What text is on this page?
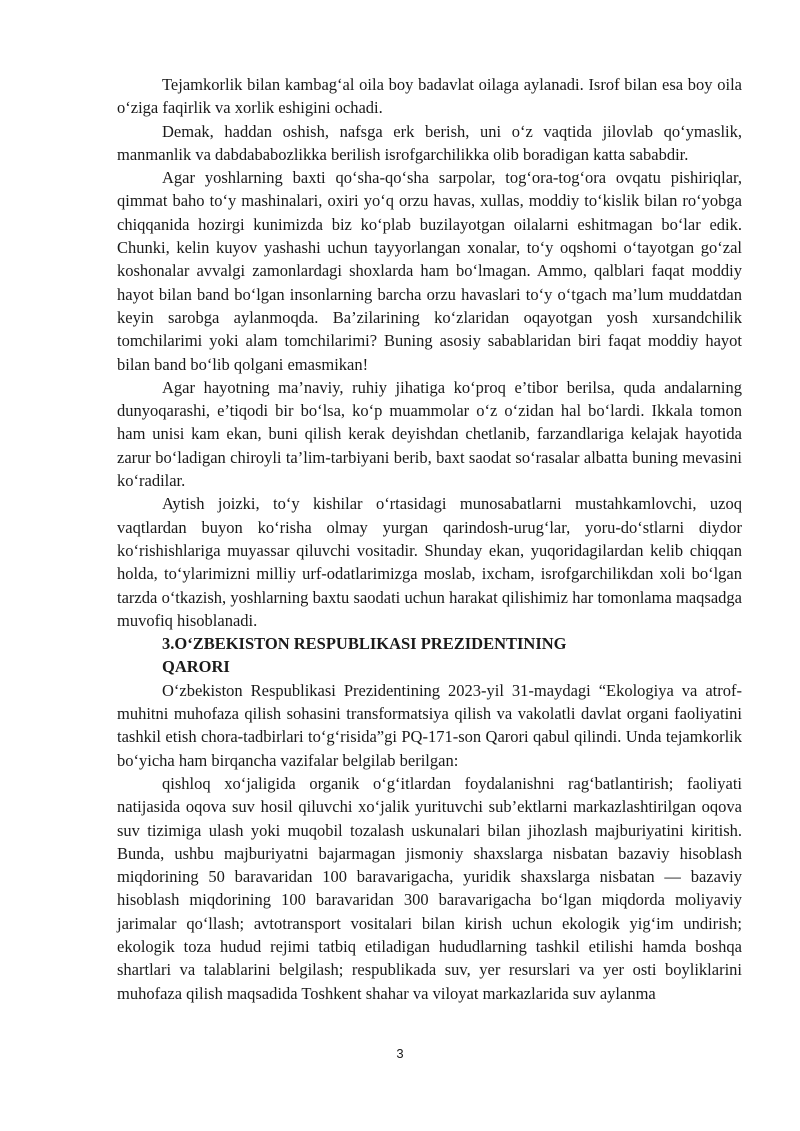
Tejamkorlik bilan kambag‘al oila boy badavlat oilaga aylanadi. Isrof bilan esa boy oila o‘ziga faqirlik va xorlik eshigini ochadi.

Demak, haddan oshish, nafsga erk berish, uni o‘z vaqtida jilovlab qo‘ymaslik, manmanlik va dabdababozlikka berilish isrofgarchilikka olib boradigan katta sababdir.

Agar yoshlarning baxti qo‘sha-qo‘sha sarpolar, tog‘ora-tog‘ora ovqatu pishiriqlar, qimmat baho to‘y mashinalari, oxiri yo‘q orzu havas, xullas, moddiy to‘kislik bilan ro‘yobga chiqqanida hozirgi kunimizda biz ko‘plab buzilayotgan oilalarni eshitmagan bo‘lar edik. Chunki, kelin kuyov yashashi uchun tayyorlangan xonalar, to‘y oqshomi o‘tayotgan go‘zal koshonalar avvalgi zamonlardagi shoxlarda ham bo‘lmagan. Ammo, qalblari faqat moddiy hayot bilan band bo‘lgan insonlarning barcha orzu havaslari to‘y o‘tgach ma’lum muddatdan keyin sarobga aylanmoqda. Ba’zilarining ko‘zlaridan oqayotgan yosh xursandchilik tomchilarimi yoki alam tomchilarimi? Buning asosiy sabablaridan biri faqat moddiy hayot bilan band bo‘lib qolgani emasmikan!

Agar hayotning ma’naviy, ruhiy jihatiga ko‘proq e’tibor berilsa, quda andalarning dunyoqarashi, e’tiqodi bir bo‘lsa, ko‘p muammolar o‘z o‘zidan hal bo‘lardi. Ikkala tomon ham unisi kam ekan, buni qilish kerak deyishdan chetlanib, farzandlariga kelajak hayotida zarur bo‘ladigan chiroyli ta’lim-tarbiyani berib, baxt saodat so‘rasalar albatta buning mevasini ko‘radilar.

Aytish joizki, to‘y kishilar o‘rtasidagi munosabatlarni mustahkamlovchi, uzoq vaqtlardan buyon ko‘risha olmay yurgan qarindosh-urug‘lar, yoru-do‘stlarni diydor ko‘rishishlariga muyassar qiluvchi vositadir. Shunday ekan, yuqoridagilardan kelib chiqqan holda, to‘ylarimizni milliy urf-odatlarimizga moslab, ixcham, isrofgarchilikdan xoli bo‘lgan tarzda o‘tkazish, yoshlarning baxtu saodati uchun harakat qilishimiz har tomonlama maqsadga muvofiq hisoblanadi.

3.O‘ZBEKISTON RESPUBLIKASI PREZIDENTINING
QARORI

O‘zbekiston Respublikasi Prezidentining 2023-yil 31-maydagi “Ekologiya va atrof-muhitni muhofaza qilish sohasini transformatsiya qilish va vakolatli davlat organi faoliyatini tashkil etish chora-tadbirlari to‘g‘risida”gi PQ-171-son Qarori qabul qilindi. Unda tejamkorlik bo‘yicha ham birqancha vazifalar belgilab berilgan:

qishloq xo‘jaligida organik o‘g‘itlardan foydalanishni rag‘batlantirish; faoliyati natijasida oqova suv hosil qiluvchi xo‘jalik yurituvchi sub’ektlarni markazlashtirilgan oqova suv tizimiga ulash yoki muqobil tozalash uskunalari bilan jihozlash majburiyatini kiritish. Bunda, ushbu majburiyatni bajarmagan jismoniy shaxslarga nisbatan bazaviy hisoblash miqdorining 50 baravaridan 100 baravarigacha, yuridik shaxslarga nisbatan — bazaviy hisoblash miqdorining 100 baravaridan 300 baravarigacha bo‘lgan miqdorda moliyaviy jarimalar qo‘llash; avtotransport vositalari bilan kirish uchun ekologik yig‘im undirish; ekologik toza hudud rejimi tatbiq etiladigan hududlarning tashkil etilishi hamda boshqa shartlari va talablarini belgilash; respublikada suv, yer resurslari va yer osti boyliklarini muhofaza qilish maqsadida Toshkent shahar va viloyat markazlarida suv aylanma

3
